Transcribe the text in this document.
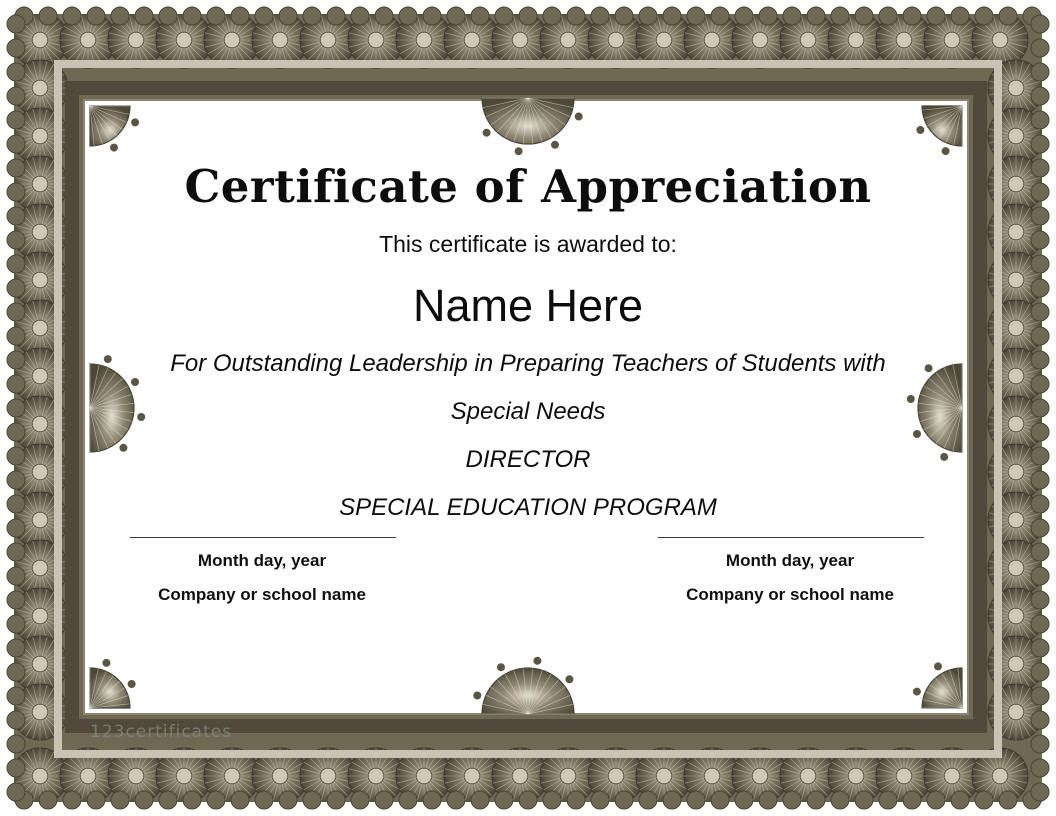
Certificate of Appreciation
This certificate is awarded to:
Name Here
For Outstanding Leadership in Preparing Teachers of Students with
Special Needs
DIRECTOR
SPECIAL EDUCATION PROGRAM
Month day, year
Company or school name
Month day, year
Company or school name
123certificates
